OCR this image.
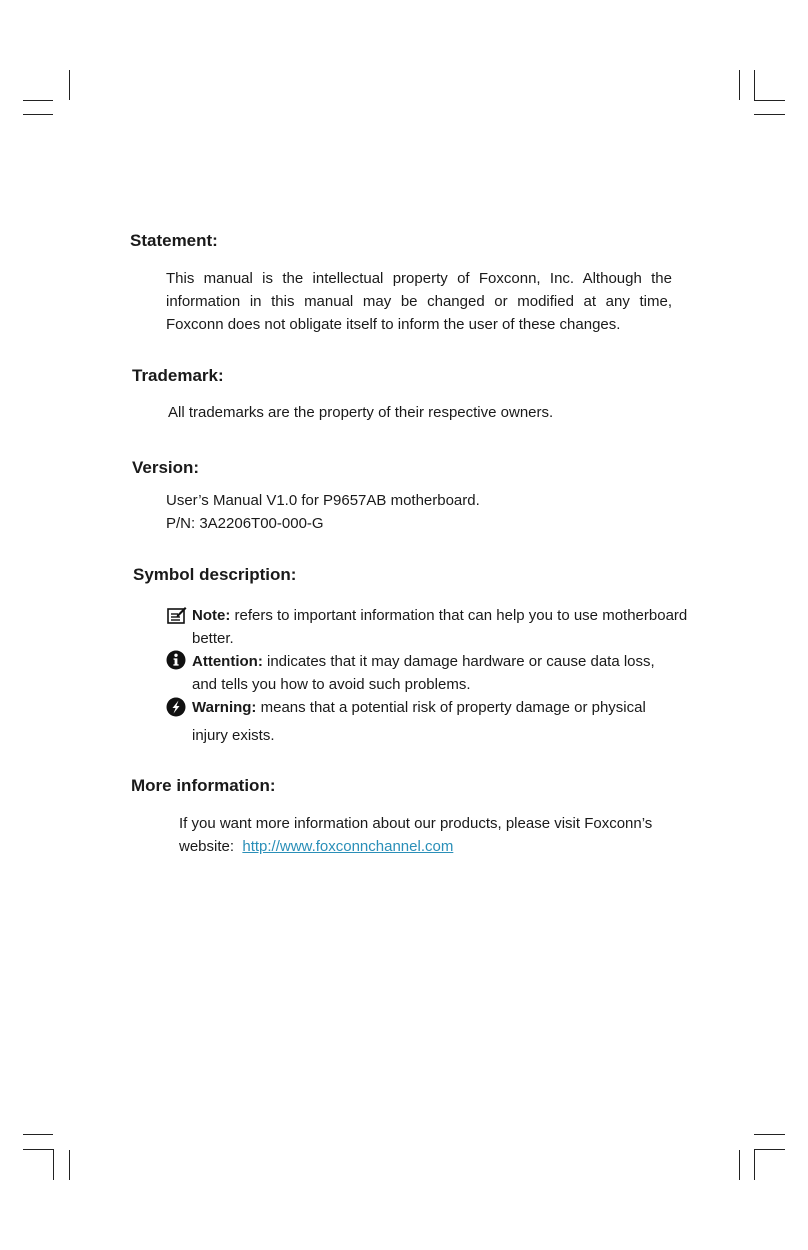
Statement:
This manual is the intellectual property of Foxconn, Inc. Although the
information in this manual may be changed or modified at any time,
Foxconn does not obligate itself to inform the user of these changes.
Trademark:
All trademarks are the property of their respective owners.
Version:
User’s Manual V1.0 for P9657AB motherboard.
P/N: 3A2206T00-000-G
Symbol description:
Note: refers to important information that can help you to use motherboard
better.
Attention: indicates that it may damage hardware or cause data loss,
and tells you how to avoid such problems.
Warning: means that a potential risk of property damage or physical
injury exists.
More information:
If you want more information about our products, please visit Foxconn’s
website: http://www.foxconnchannel.com
